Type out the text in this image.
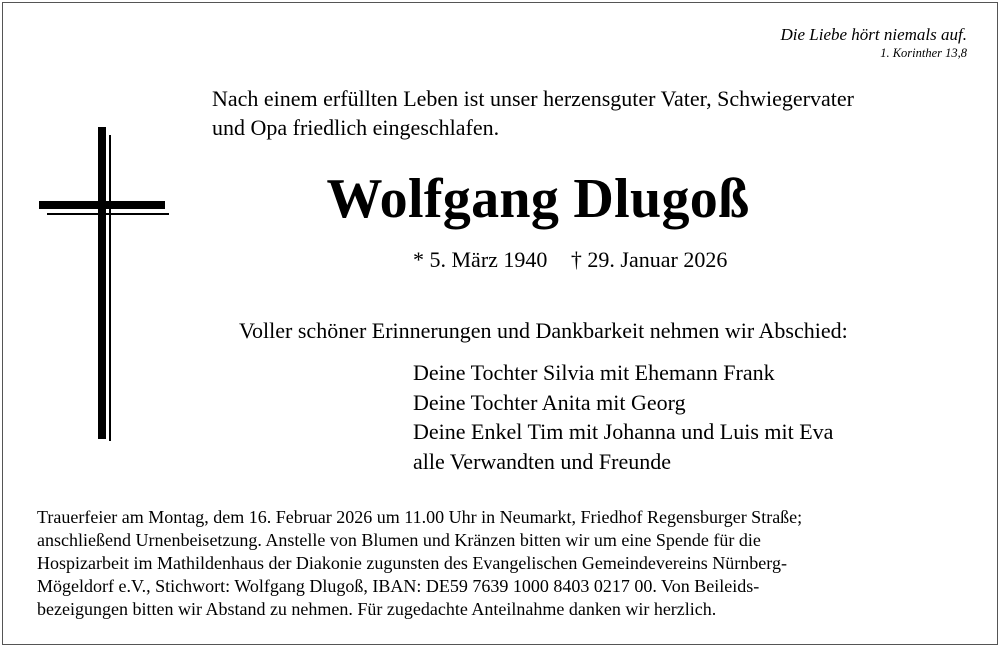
Die Liebe hört niemals auf.
1. Korinther 13,8
Nach einem erfüllten Leben ist unser herzensguter Vater, Schwiegervater
und Opa friedlich eingeschlafen.
Wolfgang Dlugoß
* 5. März 1940 † 29. Januar 2026
Voller schöner Erinnerungen und Dankbarkeit nehmen wir Abschied:
Deine Tochter Silvia mit Ehemann Frank
Deine Tochter Anita mit Georg
Deine Enkel Tim mit Johanna und Luis mit Eva
alle Verwandten und Freunde
Trauerfeier am Montag, dem 16. Februar 2026 um 11.00 Uhr in Neumarkt, Friedhof Regensburger Straße;
anschließend Urnenbeisetzung. Anstelle von Blumen und Kränzen bitten wir um eine Spende für die
Hospizarbeit im Mathildenhaus der Diakonie zugunsten des Evangelischen Gemeindevereins Nürnberg-
Mögeldorf e.V., Stichwort: Wolfgang Dlugoß, IBAN: DE59 7639 1000 8403 0217 00. Von Beileids-
bezeigungen bitten wir Abstand zu nehmen. Für zugedachte Anteilnahme danken wir herzlich.
